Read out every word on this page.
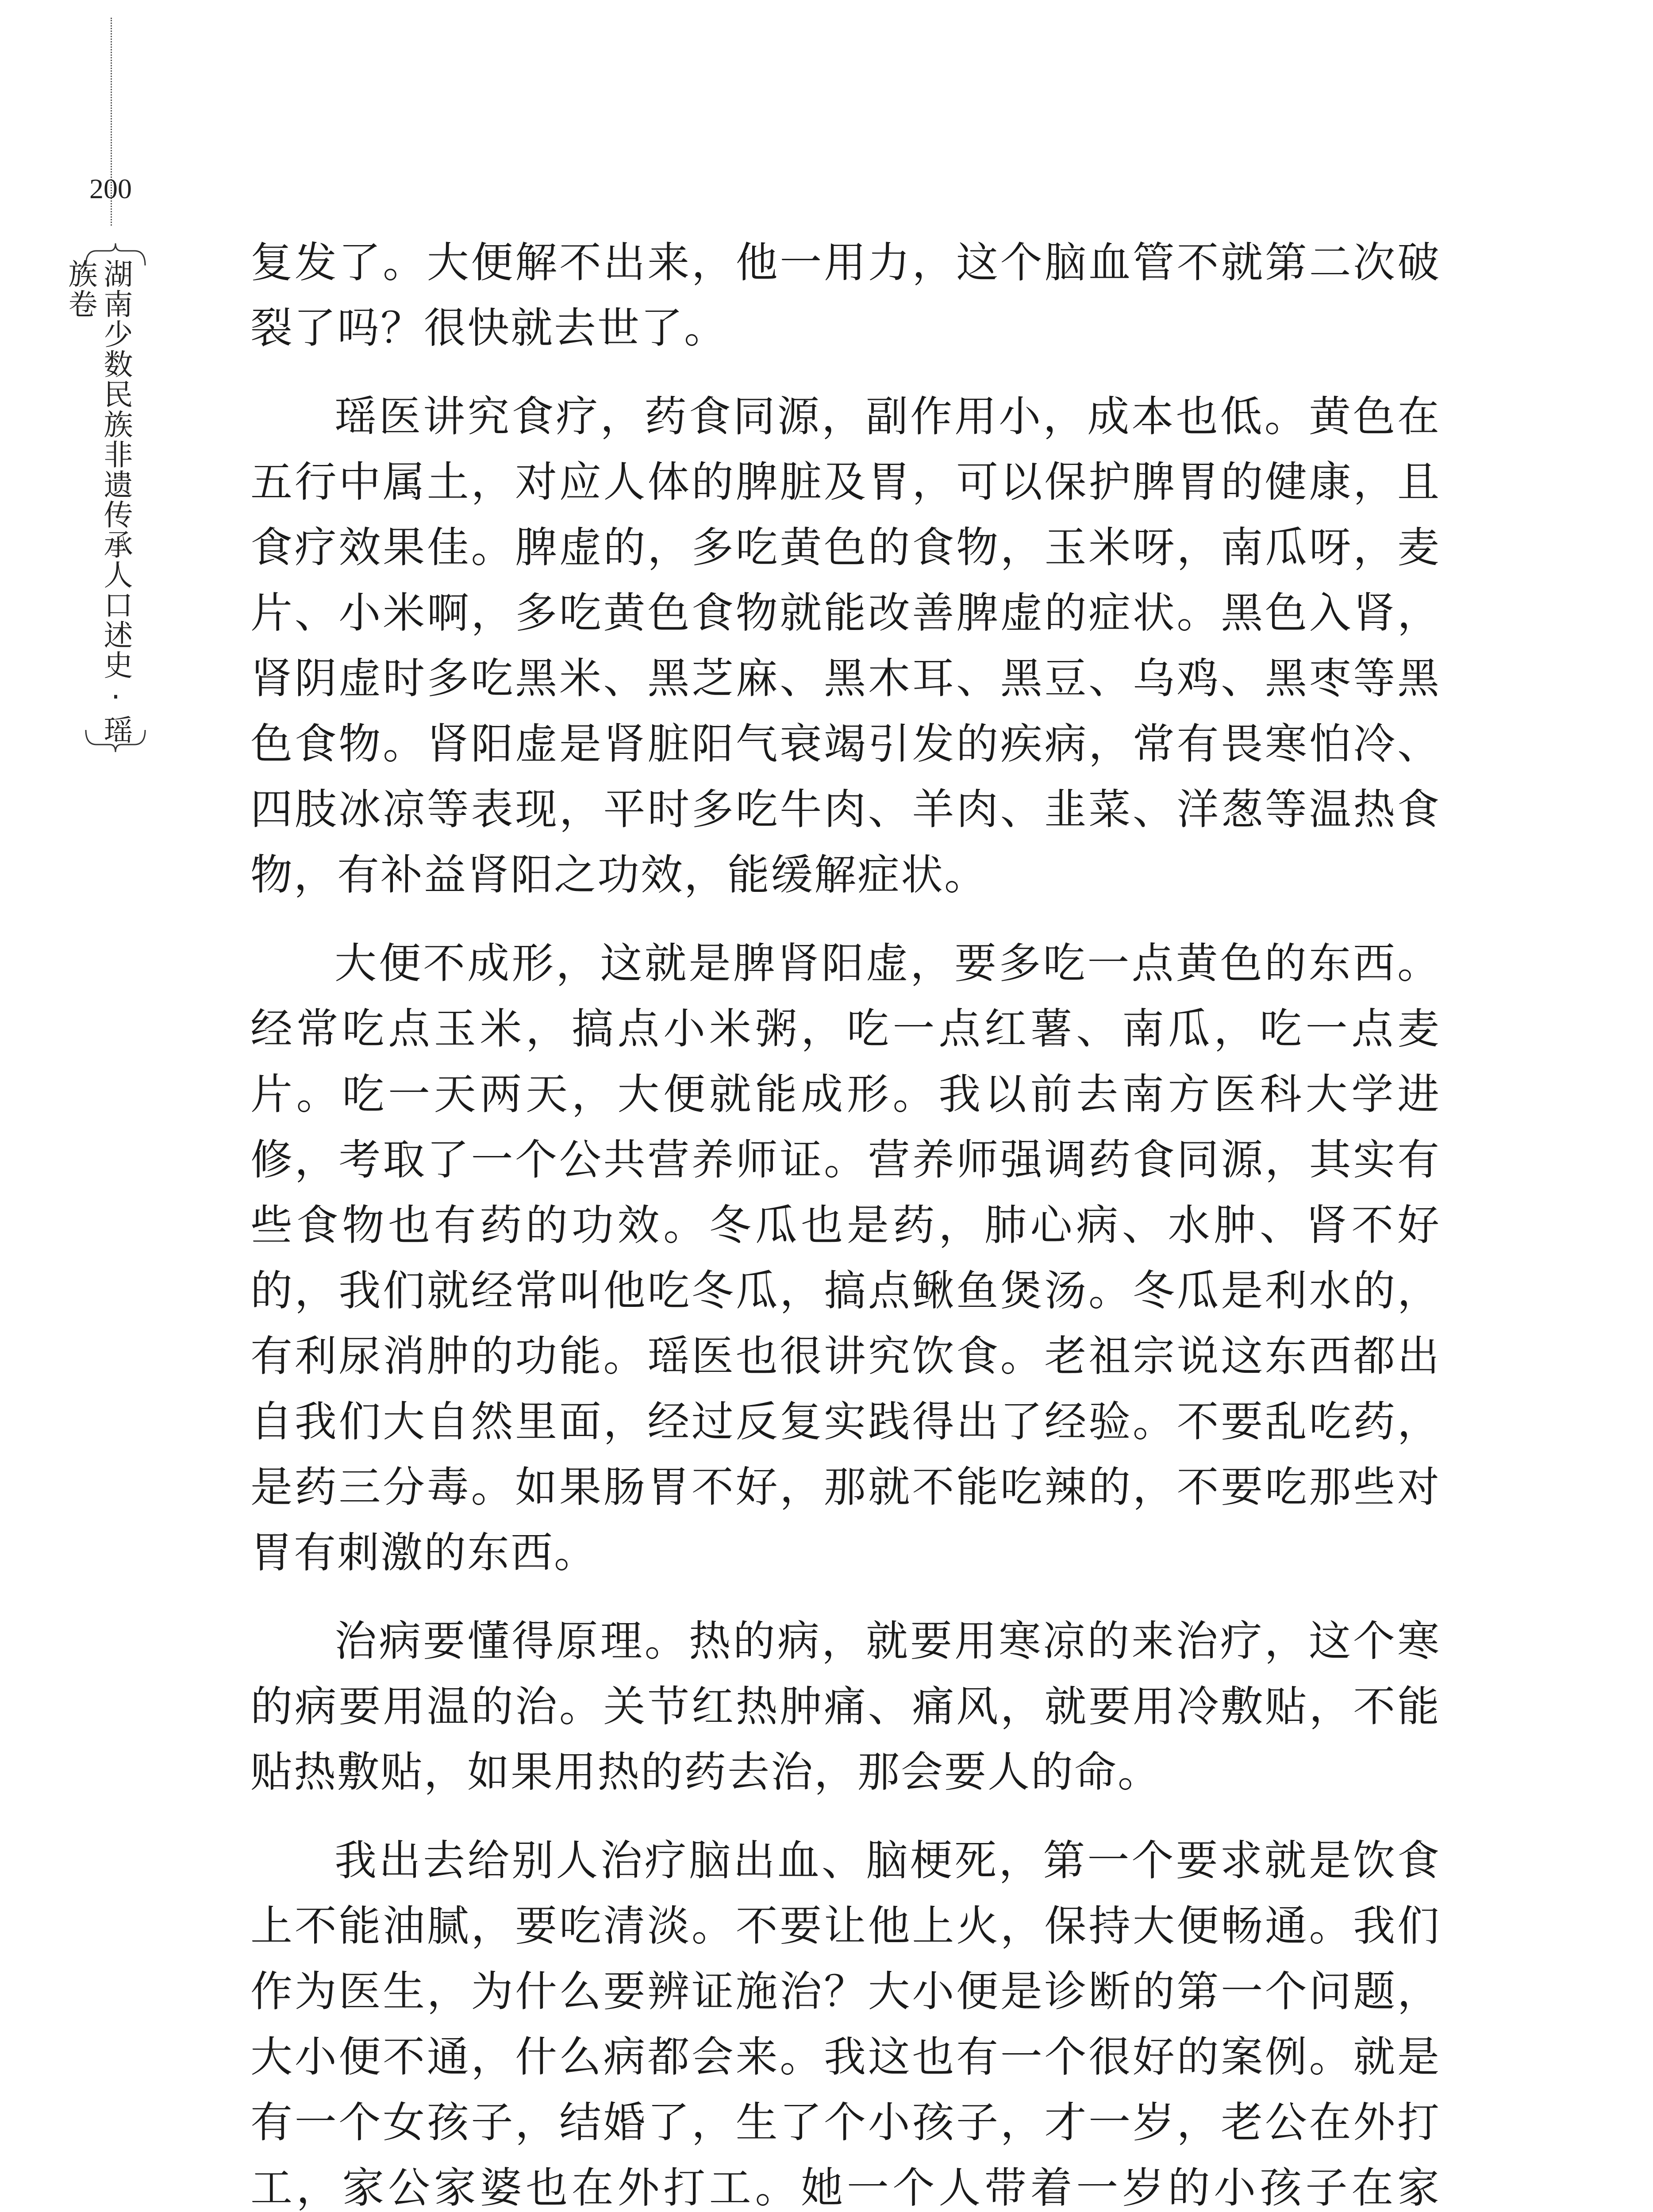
200
湖南少数民族非遗传承人口述史·瑶族卷	复发了。大便解不出来，他一用力，这个脑血管不就第二次破裂了吗？很快就去世了。

瑶医讲究食疗，药食同源，副作用小，成本也低。黄色在五行中属土，对应人体的脾脏及胃，可以保护脾胃的健康，且食疗效果佳。脾虚的，多吃黄色的食物，玉米呀，南瓜呀，麦片、小米啊，多吃黄色食物就能改善脾虚的症状。黑色入肾，肾阴虚时多吃黑米、黑芝麻、黑木耳、黑豆、乌鸡、黑枣等黑色食物。肾阳虚是肾脏阳气衰竭引发的疾病，常有畏寒怕冷、四肢冰凉等表现，平时多吃牛肉、羊肉、韭菜、洋葱等温热食物，有补益肾阳之功效，能缓解症状。

大便不成形，这就是脾肾阳虚，要多吃一点黄色的东西。经常吃点玉米，搞点小米粥，吃一点红薯、南瓜，吃一点麦片。吃一天两天，大便就能成形。我以前去南方医科大学进修，考取了一个公共营养师证。营养师强调药食同源，其实有些食物也有药的功效。冬瓜也是药，肺心病、水肿、肾不好的，我们就经常叫他吃冬瓜，搞点鳅鱼煲汤。冬瓜是利水的，有利尿消肿的功能。瑶医也很讲究饮食。老祖宗说这东西都出自我们大自然里面，经过反复实践得出了经验。不要乱吃药，是药三分毒。如果肠胃不好，那就不能吃辣的，不要吃那些对胃有刺激的东西。

治病要懂得原理。热的病，就要用寒凉的来治疗，这个寒的病要用温的治。关节红热肿痛、痛风，就要用冷敷贴，不能贴热敷贴，如果用热的药去治，那会要人的命。

我出去给别人治疗脑出血、脑梗死，第一个要求就是饮食上不能油腻，要吃清淡。不要让他上火，保持大便畅通。我们作为医生，为什么要辨证施治？大小便是诊断的第一个问题，大小便不通，什么病都会来。我这也有一个很好的案例。就是有一个女孩子，结婚了，生了个小孩子，才一岁，老公在外打工，家公家婆也在外打工。她一个人带着一岁的小孩子在家
